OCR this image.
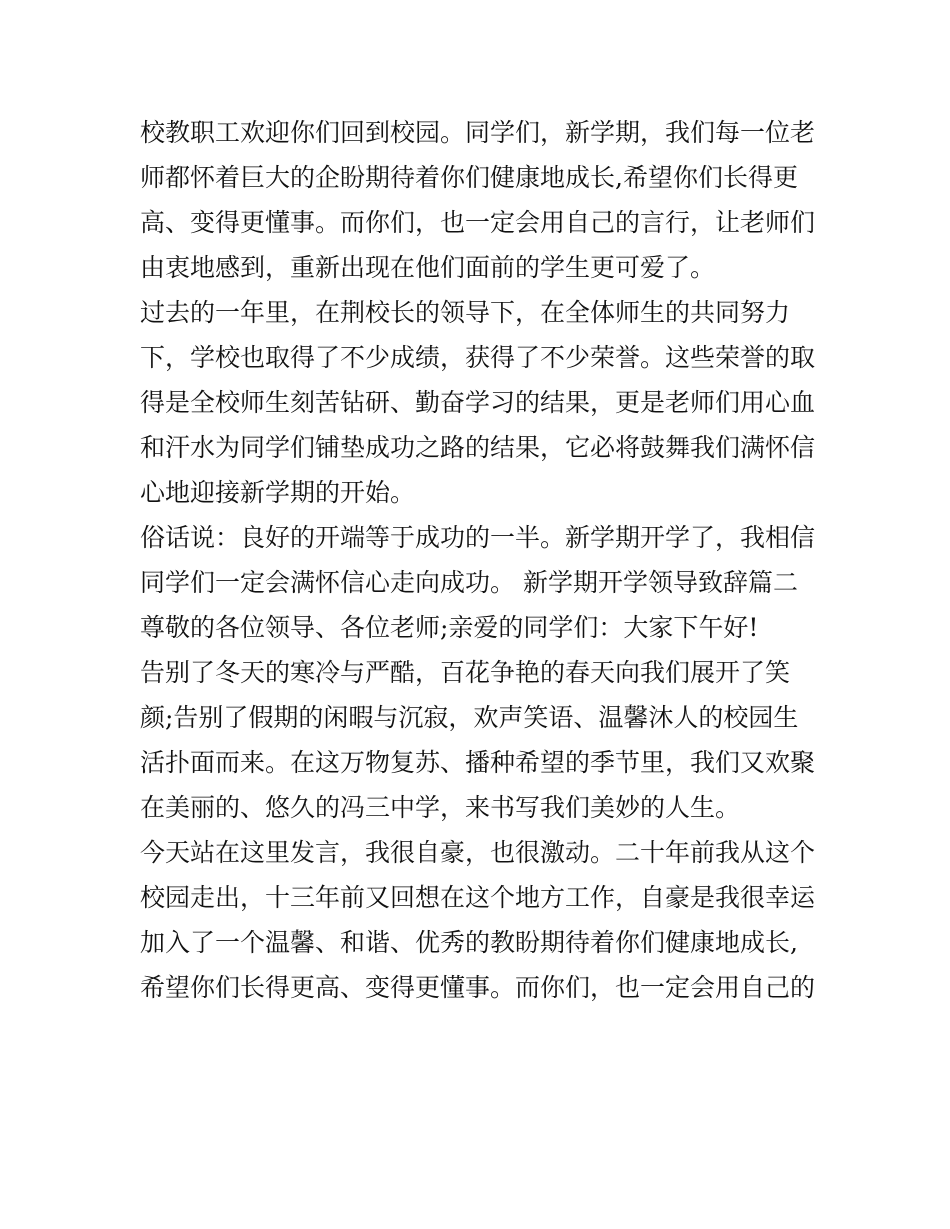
校教职工欢迎你们回到校园。同学们，新学期，我们每一位老
师都怀着巨大的企盼期待着你们健康地成长,希望你们长得更
高、变得更懂事。而你们，也一定会用自己的言行，让老师们
由衷地感到，重新出现在他们面前的学生更可爱了。
过去的一年里，在荆校长的领导下，在全体师生的共同努力
下，学校也取得了不少成绩，获得了不少荣誉。这些荣誉的取
得是全校师生刻苦钻研、勤奋学习的结果，更是老师们用心血
和汗水为同学们铺垫成功之路的结果，它必将鼓舞我们满怀信
心地迎接新学期的开始。
俗话说：良好的开端等于成功的一半。新学期开学了，我相信
同学们一定会满怀信心走向成功。 新学期开学领导致辞篇二
尊敬的各位领导、各位老师;亲爱的同学们：大家下午好!
告别了冬天的寒冷与严酷，百花争艳的春天向我们展开了笑
颜;告别了假期的闲暇与沉寂，欢声笑语、温馨沐人的校园生
活扑面而来。在这万物复苏、播种希望的季节里，我们又欢聚
在美丽的、悠久的冯三中学，来书写我们美妙的人生。
今天站在这里发言，我很自豪，也很激动。二十年前我从这个
校园走出，十三年前又回想在这个地方工作，自豪是我很幸运
加入了一个温馨、和谐、优秀的教盼期待着你们健康地成长,
希望你们长得更高、变得更懂事。而你们，也一定会用自己的
